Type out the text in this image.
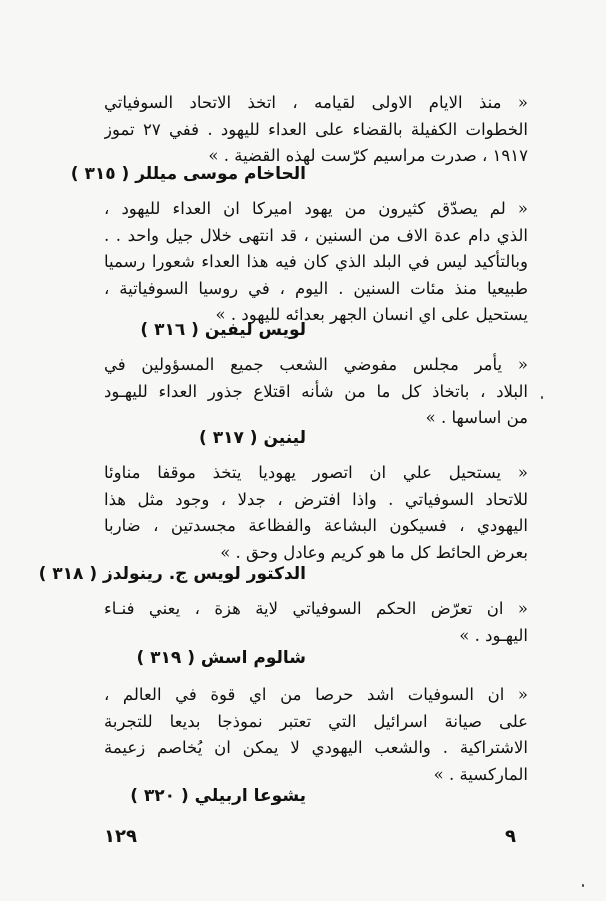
« منذ الايام الاولى لقيامه ، اتخذ الاتحاد السوفياتي
الخطوات الكفيلة بالقضاء على العداء لليهود . ففي ٢٧ تموز
١٩١٧ ، صدرت مراسيم كرّست لهذه القضية . »
الحاخام موسى ميللر ( ٣١٥ )
« لم يصدّق كثيرون من يهود اميركا ان العداء لليهود ،
الذي دام عدة الاف من السنين ، قد انتهى خلال جيل واحد . .
وبالتأكيد ليس في البلد الذي كان فيه هذا العداء شعورا رسميا
طبيعيا منذ مئات السنين . اليوم ، في روسيا السوفياتية ،
يستحيل على اي انسان الجهر بعدائه لليهود . »
لويس ليفين ( ٣١٦ )
« يأمر مجلس مفوضي الشعب جميع المسؤولين في
البلاد ، باتخاذ كل ما من شأنه اقتلاع جذور العداء لليهـود
من اساسها . »
لينين ( ٣١٧ )
« يستحيل علي ان اتصور يهوديا يتخذ موقفا مناوئا
للاتحاد السوفياتي . واذا افترض ، جدلا ، وجود مثل هذا
اليهودي ، فسيكون البشاعة والفظاعة مجسدتين ، ضاربا
بعرض الحائط كل ما هو كريم وعادل وحق . »
الدكتور لويس ج. رينولدز ( ٣١٨ )
« ان تعرّض الحكم السوفياتي لاية هزة ، يعني فنـاء
اليهـود . »
شالوم اسش ( ٣١٩ )
« ان السوفيات اشد حرصا من اي قوة في العالم ،
على صيانة اسرائيل التي تعتبر نموذجا بديعا للتجربة
الاشتراكية . والشعب اليهودي لا يمكن ان يُخاصم زعيمة
الماركسية . »
يشوعا اربيلي ( ٣٢٠ )
١٢٩	٩
